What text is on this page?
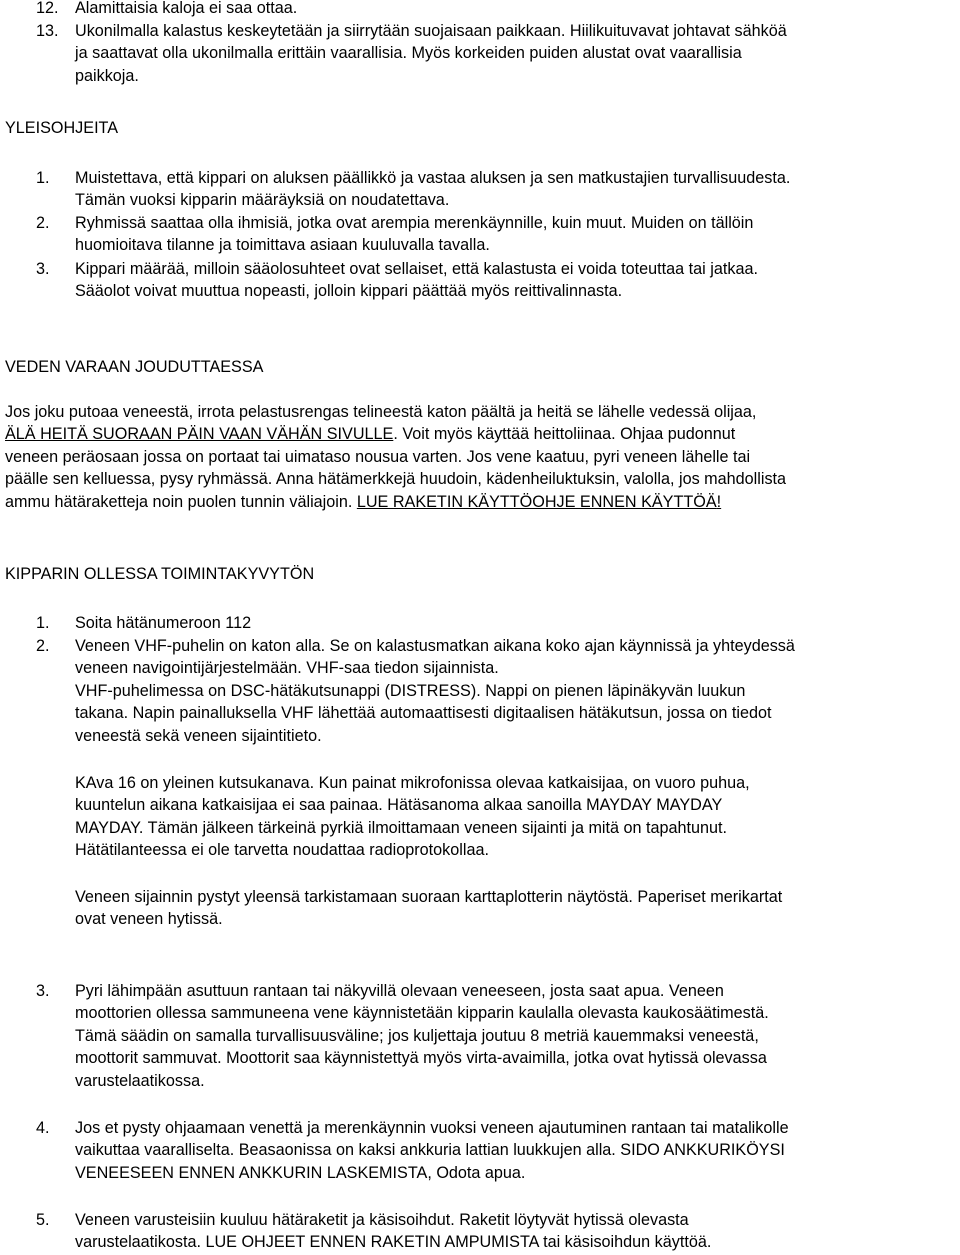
12. Alamittaisia kaloja ei saa ottaa.
13. Ukonilmalla kalastus keskeytetään ja siirrytään suojaisaan paikkaan. Hiilikuituvavat johtavat sähköä
ja saattavat olla ukonilmalla erittäin vaarallisia. Myös korkeiden puiden alustat ovat vaarallisia
paikkoja.
YLEISOHJEITA
1. Muistettava, että kippari on aluksen päällikkö ja vastaa aluksen ja sen matkustajien turvallisuudesta.
Tämän vuoksi kipparin määräyksiä on noudatettava.
2. Ryhmissä saattaa olla ihmisiä, jotka ovat arempia merenkäynnille, kuin muut. Muiden on tällöin
huomioitava tilanne ja toimittava asiaan kuuluvalla tavalla.
3. Kippari määrää, milloin sääolosuhteet ovat sellaiset, että kalastusta ei voida toteuttaa tai jatkaa.
Sääolot voivat muuttua nopeasti, jolloin kippari päättää myös reittivalinnasta.
VEDEN VARAAN JOUDUTTAESSA
Jos joku putoaa veneestä, irrota pelastusrengas telineestä katon päältä ja heitä se lähelle vedessä olijaa,
ÄLÄ HEITÄ SUORAAN PÄIN VAAN VÄHÄN SIVULLE. Voit myös käyttää heittoliinaa. Ohjaa pudonnut
veneen peräosaan jossa on portaat tai uimataso nousua varten. Jos vene kaatuu, pyri veneen lähelle tai
päälle sen kelluessa, pysy ryhmässä. Anna hätämerkkejä huudoin, kädenheiluktuksin, valolla, jos mahdollista
ammu hätäraketteja noin puolen tunnin väliajoin. LUE RAKETIN KÄYTTÖOHJE ENNEN KÄYTTÖÄ!
KIPPARIN OLLESSA TOIMINTAKYVYTÖN
1. Soita hätänumeroon 112
2. Veneen VHF-puhelin on katon alla. Se on kalastusmatkan aikana koko ajan käynnissä ja yhteydessä
veneen navigointijärjestelmään. VHF-saa tiedon sijainnista.
VHF-puhelimessa on DSC-hätäkutsunappi (DISTRESS). Nappi on pienen läpinäkyvän luukun
takana. Napin painalluksella VHF lähettää automaattisesti digitaalisen hätäkutsun, jossa on tiedot
veneestä sekä veneen sijaintitieto.
KAva 16 on yleinen kutsukanava. Kun painat mikrofonissa olevaa katkaisijaa, on vuoro puhua,
kuuntelun aikana katkaisijaa ei saa painaa. Hätäsanoma alkaa sanoilla MAYDAY MAYDAY
MAYDAY. Tämän jälkeen tärkeinä pyrkiä ilmoittamaan veneen sijainti ja mitä on tapahtunut.
Hätätilanteessa ei ole tarvetta noudattaa radioprotokollaa.
Veneen sijainnin pystyt yleensä tarkistamaan suoraan karttaplotterin näytöstä. Paperiset merikartat
ovat veneen hytissä.
3. Pyri lähimpään asuttuun rantaan tai näkyvillä olevaan veneeseen, josta saat apua. Veneen
moottorien ollessa sammuneena vene käynnistetään kipparin kaulalla olevasta kaukosäätimestä.
Tämä säädin on samalla turvallisuusväline; jos kuljettaja joutuu 8 metriä kauemmaksi veneestä,
moottorit sammuvat. Moottorit saa käynnistettyä myös virta-avaimilla, jotka ovat hytissä olevassa
varustelaatikossa.
4. Jos et pysty ohjaamaan venettä ja merenkäynnin vuoksi veneen ajautuminen rantaan tai matalikolle
vaikuttaa vaaralliselta. Beasaonissa on kaksi ankkuria lattian luukkujen alla. SIDO ANKKURIKÖYSI
VENEESEEN ENNEN ANKKURIN LASKEMISTA, Odota apua.
5. Veneen varusteisiin kuuluu hätäraketit ja käsisoihdut. Raketit löytyvät hytissä olevasta
varustelaatikosta. LUE OHJEET ENNEN RAKETIN AMPUMISTA tai käsisoihdun käyttöä.
